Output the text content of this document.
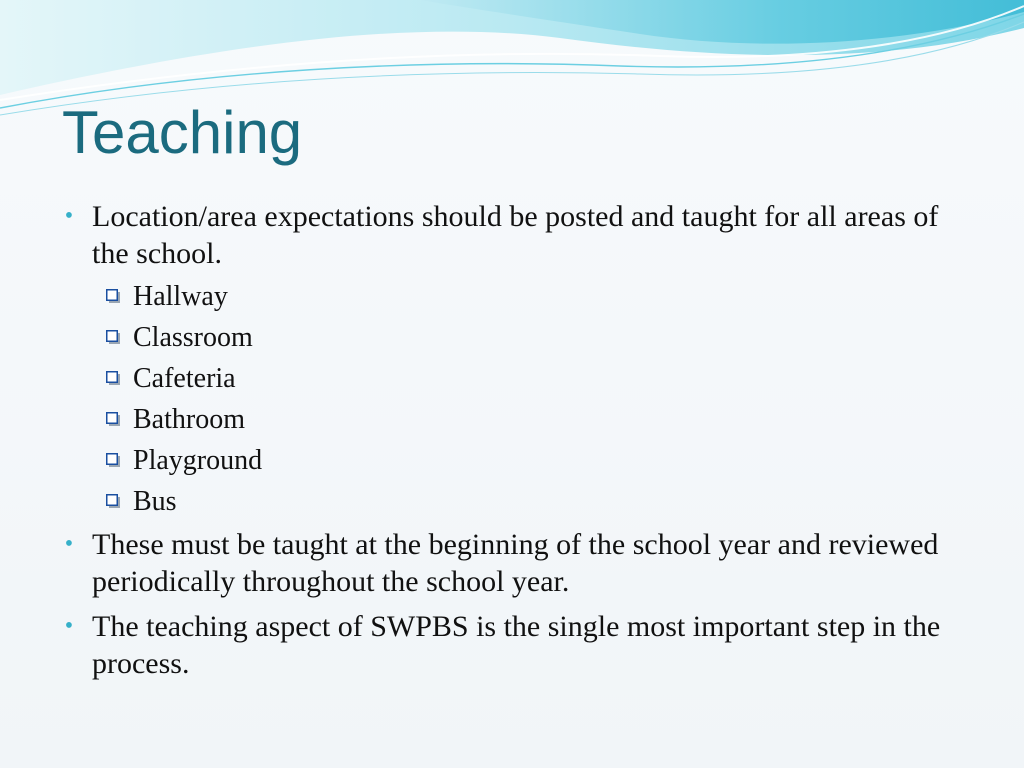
Teaching
• Location/area expectations should be posted and taught for all areas of the school.
Hallway
Classroom
Cafeteria
Bathroom
Playground
Bus
• These must be taught at the beginning of the school year and reviewed periodically throughout the school year.
• The teaching aspect of SWPBS is the single most important step in the process.
